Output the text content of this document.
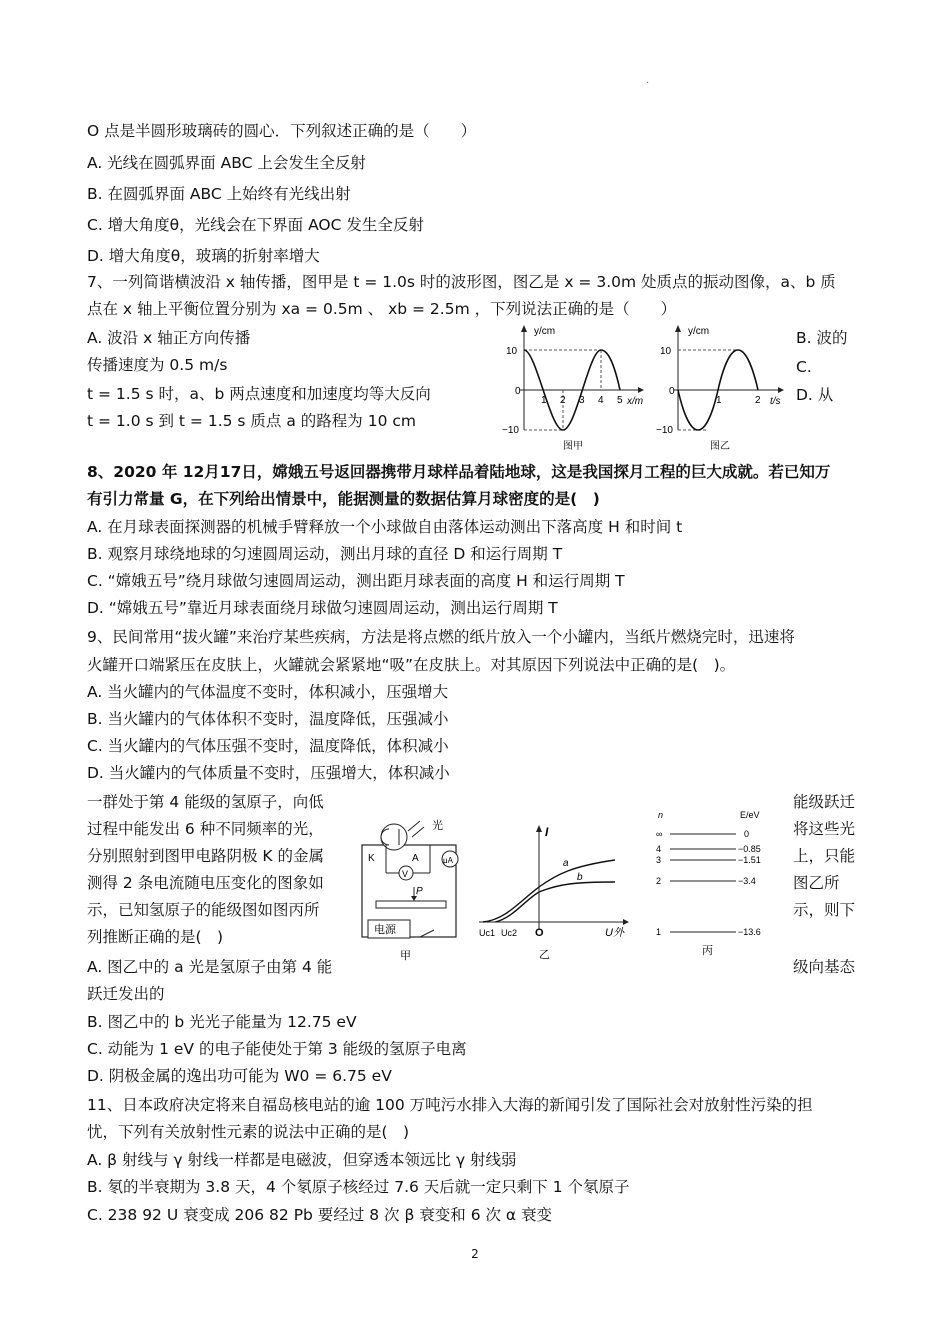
·
O 点是半圆形玻璃砖的圆心．下列叙述正确的是（　　）
A. 光线在圆弧界面 ABC 上会发生全反射
B. 在圆弧界面 ABC 上始终有光线出射
C. 增大角度θ，光线会在下界面 AOC 发生全反射
D. 增大角度θ，玻璃的折射率增大
7、一列简谐横波沿 x 轴传播，图甲是 t = 1.0s 时的波形图，图乙是 x = 3.0m 处质点的振动图像，a、b 质
点在 x 轴上平衡位置分别为 xa = 0.5m 、 xb = 2.5m ，下列说法正确的是（　　）
A. 波沿 x 轴正方向传播
传播速度为 0.5 m/s
t = 1.5 s 时，a、b 两点速度和加速度均等大反向
t = 1.0 s 到 t = 1.5 s 质点 a 的路程为 10 cm
B. 波的
C.
D. 从
y/cm
x/m
10
0
−10
1 2 3 4 5
图甲
y/cm
t/s
10
0
−10
1	2
图乙
8、2020 年 12月17日，嫦娥五号返回器携带月球样品着陆地球，这是我国探月工程的巨大成就。若已知万
有引力常量 G，在下列给出情景中，能据测量的数据估算月球密度的是(　)
A. 在月球表面探测器的机械手臂释放一个小球做自由落体运动测出下落高度 H 和时间 t
B. 观察月球绕地球的匀速圆周运动，测出月球的直径 D 和运行周期 T
C. “嫦娥五号”绕月球做匀速圆周运动，测出距月球表面的高度 H 和运行周期 T
D. “嫦娥五号”靠近月球表面绕月球做匀速圆周运动，测出运行周期 T
9、民间常用“拔火罐”来治疗某些疾病，方法是将点燃的纸片放入一个小罐内，当纸片燃烧完时，迅速将
火罐开口端紧压在皮肤上，火罐就会紧紧地“吸”在皮肤上。对其原因下列说法中正确的是(　)。
A. 当火罐内的气体温度不变时，体积减小，压强增大
B. 当火罐内的气体体积不变时，温度降低，压强减小
C. 当火罐内的气体压强不变时，温度降低，体积减小
D. 当火罐内的气体质量不变时，压强增大，体积减小
一群处于第 4 能级的氢原子，向低
过程中能发出 6 种不同频率的光，
分别照射到图甲电路阴极 K 的金属
测得 2 条电流随电压变化的图象如
示，已知氢原子的能级图如图丙所
列推断正确的是(　)
能级跃迁
将这些光
上，只能
图乙所
示，则下
A. 图乙中的 a 光是氢原子由第 4 能	级向基态
跃迁发出的
B. 图乙中的 b 光光子能量为 12.75 eV
C. 动能为 1 eV 的电子能使处于第 3 能级的氢原子电离
D. 阴极金属的逸出功可能为 W0 = 6.75 eV
光
K	A	μA
V
P
电源
甲
a
b
I
U外
O
Uc1 Uc2
乙
n	E/eV
∞	0
4	−0.85
3	−1.51
2	−3.4
1	−13.6
丙
11、日本政府决定将来自福岛核电站的逾 100 万吨污水排入大海的新闻引发了国际社会对放射性污染的担
忧，下列有关放射性元素的说法中正确的是(　)
A. β 射线与 γ 射线一样都是电磁波，但穿透本领远比 γ 射线弱
B. 氡的半衰期为 3.8 天，4 个氡原子核经过 7.6 天后就一定只剩下 1 个氡原子
C. 238 92 U 衰变成 206 82 Pb 要经过 8 次 β 衰变和 6 次 α 衰变
2
